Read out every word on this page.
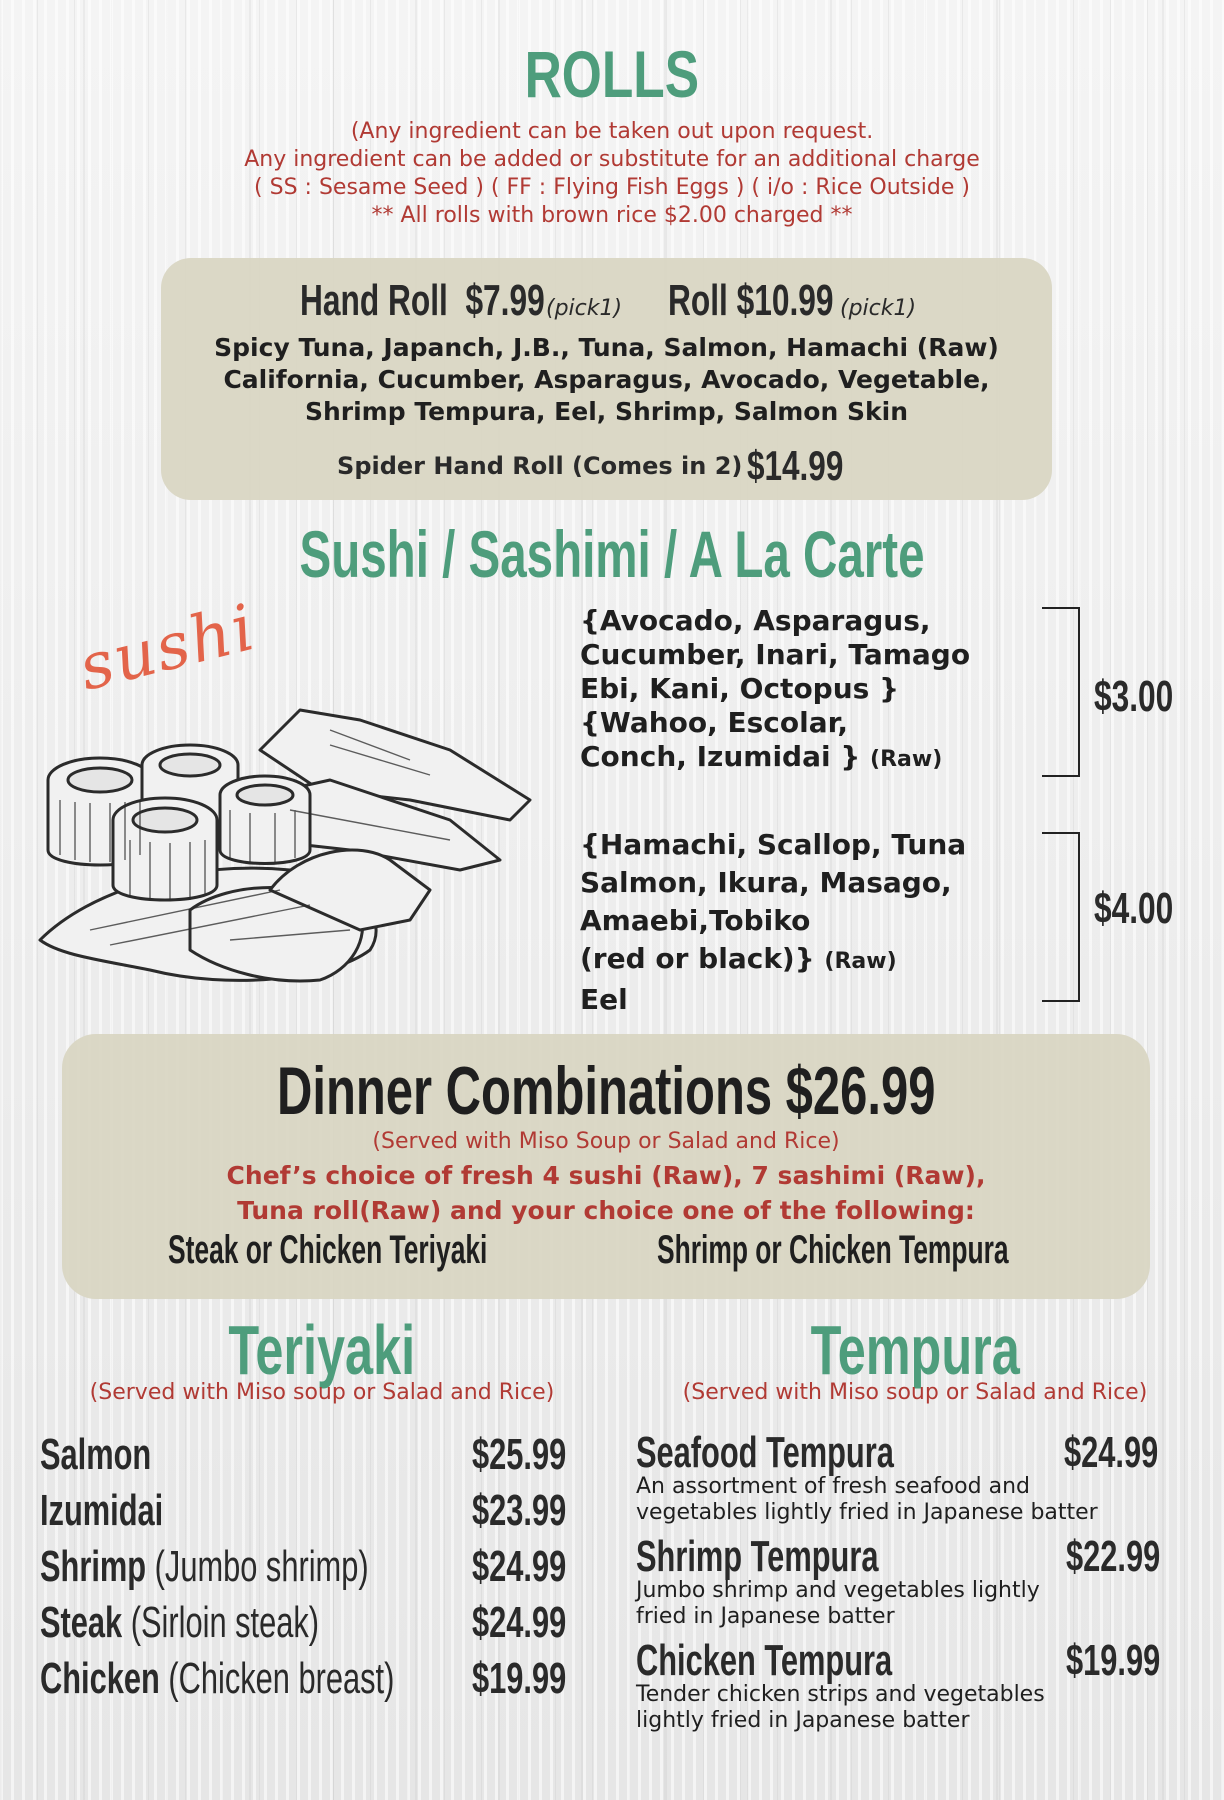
ROLLS
(Any ingredient can be taken out upon request.
Any ingredient can be added or substitute for an additional charge
( SS : Sesame Seed ) ( FF : Flying Fish Eggs ) ( i/o : Rice Outside )
** All rolls with brown rice $2.00 charged **
Hand Roll $7.99 (pick1) Roll $10.99 (pick1)
Spicy Tuna, Japanch, J.B., Tuna, Salmon, Hamachi (Raw)
California, Cucumber, Asparagus, Avocado, Vegetable,
Shrimp Tempura, Eel, Shrimp, Salmon Skin
Spider Hand Roll (Comes in 2) $14.99
Sushi / Sashimi / A La Carte
sushi	{Avocado, Asparagus,
Cucumber, Inari, Tamago
Ebi, Kani, Octopus }
{Wahoo, Escolar,
Conch, Izumidai } (Raw)
$3.00
{Hamachi, Scallop, Tuna
Salmon, Ikura, Masago,
Amaebi,Tobiko
(red or black)} (Raw)
Eel
$4.00
Dinner Combinations $26.99
(Served with Miso Soup or Salad and Rice)
Chef’s choice of fresh 4 sushi (Raw), 7 sashimi (Raw),
Tuna roll(Raw) and your choice one of the following:
Steak or Chicken Teriyaki	Shrimp or Chicken Tempura
Teriyaki
(Served with Miso soup or Salad and Rice)
Salmon	$25.99
Izumidai	$23.99
Shrimp (Jumbo shrimp) $24.99
Steak (Sirloin steak)	$24.99
Chicken (Chicken breast) $19.99
Tempura
(Served with Miso soup or Salad and Rice)
Seafood Tempura	$24.99
An assortment of fresh seafood and
vegetables lightly fried in Japanese batter
Shrimp Tempura	$22.99
Jumbo shrimp and vegetables lightly
fried in Japanese batter
Chicken Tempura	$19.99
Tender chicken strips and vegetables
lightly fried in Japanese batter
